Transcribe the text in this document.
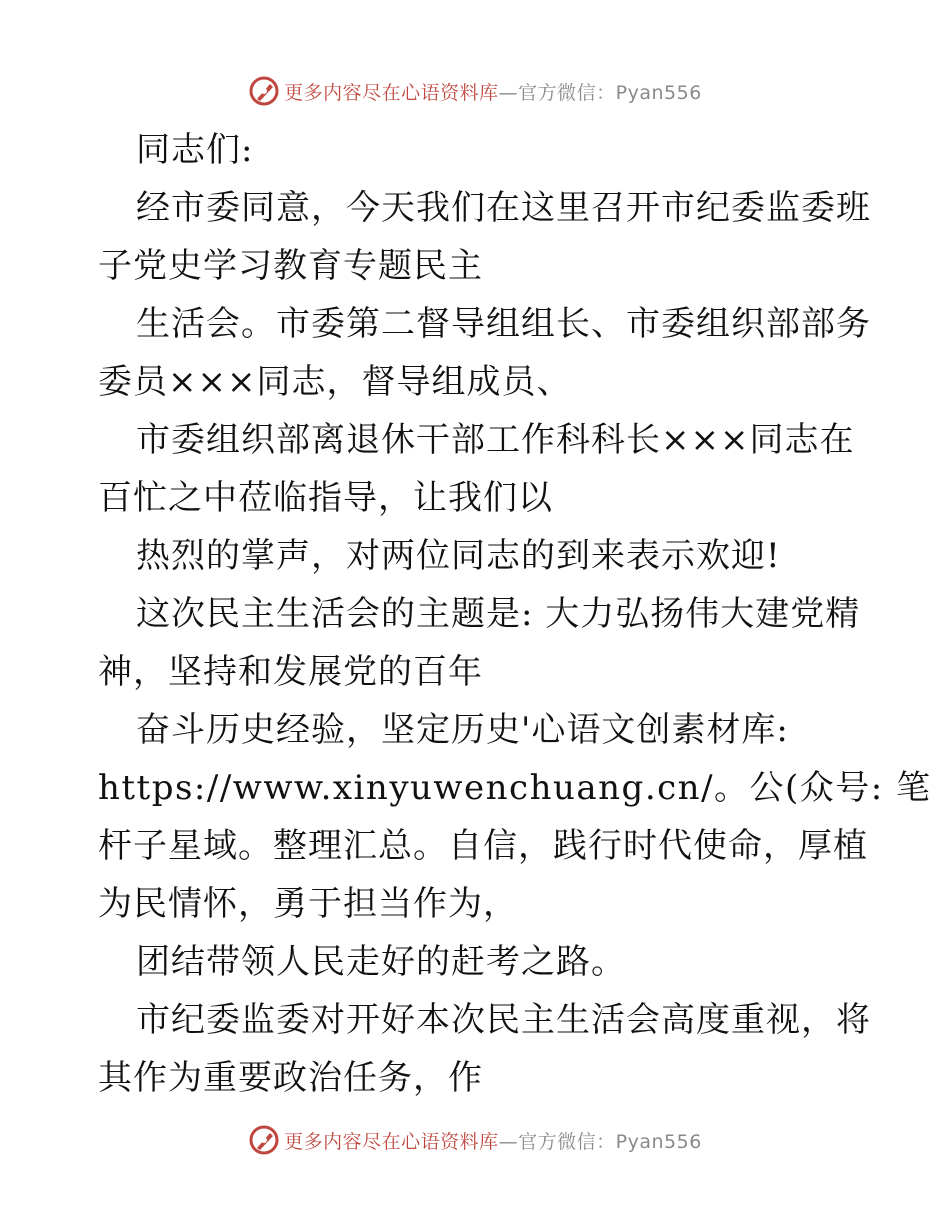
更多内容尽在心语资料库—官方微信：Pyan556
同志们:
经市委同意，今天我们在这里召开市纪委监委班
子党史学习教育专题民主
生活会。市委第二督导组组长、市委组织部部务
委员×××同志，督导组成员、
市委组织部离退休干部工作科科长×××同志在
百忙之中莅临指导，让我们以
热烈的掌声，对两位同志的到来表示欢迎!
这次民主生活会的主题是: 大力弘扬伟大建党精
神，坚持和发展党的百年
奋斗历史经验，坚定历史'心语文创素材库:
https://www.xinyuwenchuang.cn/。公(众号: 笔
杆子星域。整理汇总。自信，践行时代使命，厚植
为民情怀，勇于担当作为，
团结带领人民走好的赶考之路。
市纪委监委对开好本次民主生活会高度重视，将
其作为重要政治任务，作
更多内容尽在心语资料库—官方微信：Pyan556
